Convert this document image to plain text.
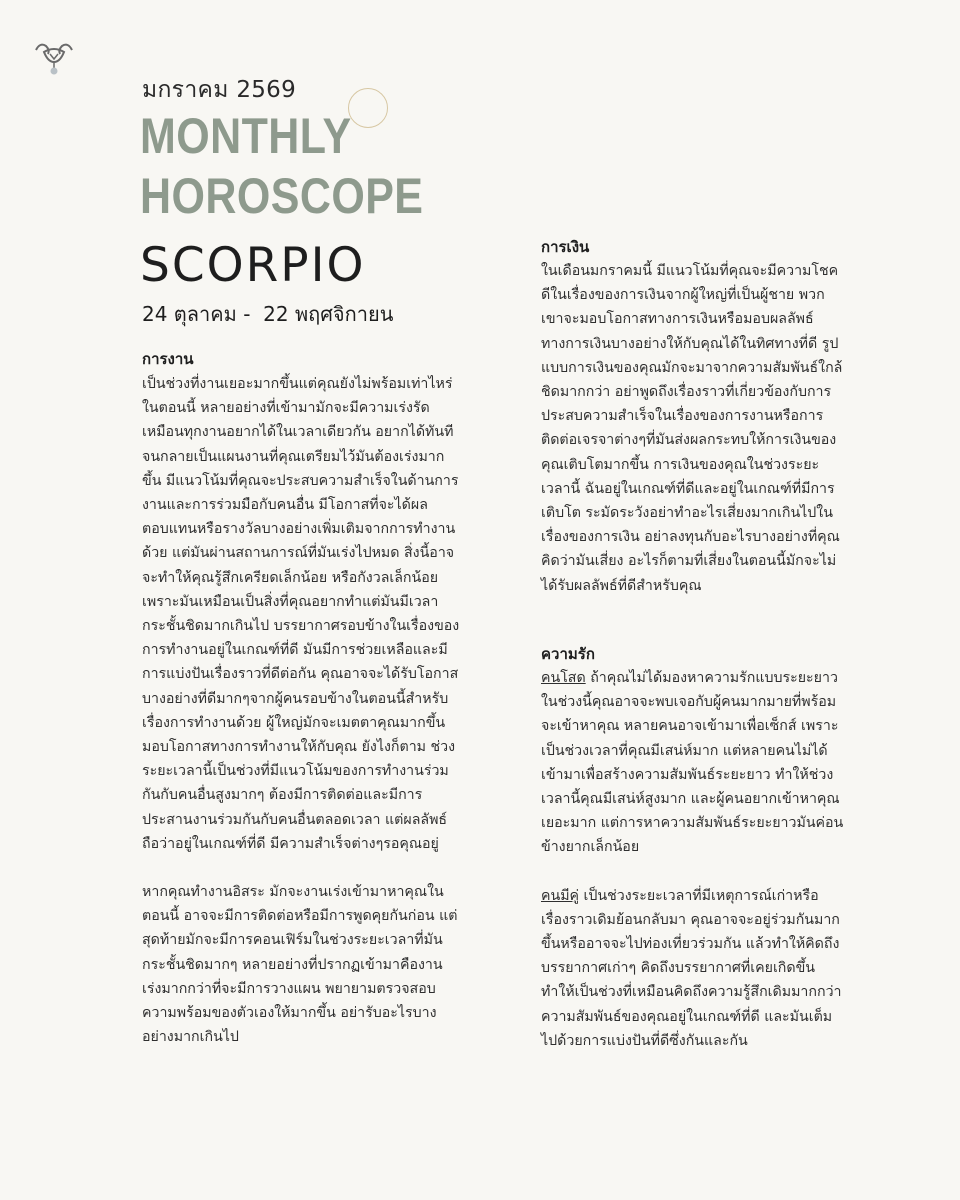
มกราคม 2569
MONTHLY
HOROSCOPE
SCORPIO
24 ตุลาคม -  22 พฤศจิกายน
การงาน

เป็นช่วงที่งานเยอะมากขึ้นแต่คุณยังไม่พร้อมเท่าไหร่ในตอนนี้ หลายอย่างที่เข้ามามักจะมีความเร่งรัดเหมือนทุกงานอยากได้ในเวลาเดียวกัน อยากได้ทันทีจนกลายเป็นแผนงานที่คุณเตรียมไว้มันต้องเร่งมากขึ้น มีแนวโน้มที่คุณจะประสบความสำเร็จในด้านการงานและการร่วมมือกับคนอื่น มีโอกาสที่จะได้ผลตอบแทนหรือรางวัลบางอย่างเพิ่มเติมจากการทำงานด้วย แต่มันผ่านสถานการณ์ที่มันเร่งไปหมด สิ่งนี้อาจจะทำให้คุณรู้สึกเครียดเล็กน้อย หรือกังวลเล็กน้อยเพราะมันเหมือนเป็นสิ่งที่คุณอยากทำแต่มันมีเวลากระชั้นชิดมากเกินไป บรรยากาศรอบข้างในเรื่องของการทำงานอยู่ในเกณฑ์ที่ดี มันมีการช่วยเหลือและมีการแบ่งปันเรื่องราวที่ดีต่อกัน คุณอาจจะได้รับโอกาสบางอย่างที่ดีมากๆจากผู้คนรอบข้างในตอนนี้สำหรับเรื่องการทำงานด้วย ผู้ใหญ่มักจะเมตตาคุณมากขึ้นมอบโอกาสทางการทำงานให้กับคุณ ยังไงก็ตาม ช่วงระยะเวลานี้เป็นช่วงที่มีแนวโน้มของการทำงานร่วมกันกับคนอื่นสูงมากๆ ต้องมีการติดต่อและมีการประสานงานร่วมกันกับคนอื่นตลอดเวลา แต่ผลลัพธ์ถือว่าอยู่ในเกณฑ์ที่ดี มีความสำเร็จต่างๆรอคุณอยู่

หากคุณทำงานอิสระ มักจะงานเร่งเข้ามาหาคุณในตอนนี้ อาจจะมีการติดต่อหรือมีการพูดคุยกันก่อน แต่สุดท้ายมักจะมีการคอนเฟิร์มในช่วงระยะเวลาที่มันกระชั้นชิดมากๆ หลายอย่างที่ปรากฏเข้ามาคืองานเร่งมากกว่าที่จะมีการวางแผน พยายามตรวจสอบความพร้อมของตัวเองให้มากขึ้น อย่ารับอะไรบางอย่างมากเกินไป

การเงิน

ในเดือนมกราคมนี้ มีแนวโน้มที่คุณจะมีความโชคดีในเรื่องของการเงินจากผู้ใหญ่ที่เป็นผู้ชาย พวกเขาจะมอบโอกาสทางการเงินหรือมอบผลลัพธ์ทางการเงินบางอย่างให้กับคุณได้ในทิศทางที่ดี รูปแบบการเงินของคุณมักจะมาจากความสัมพันธ์ใกล้ชิดมากกว่า อย่าพูดถึงเรื่องราวที่เกี่ยวข้องกับการประสบความสำเร็จในเรื่องของการงานหรือการติดต่อเจรจาต่างๆที่มันส่งผลกระทบให้การเงินของคุณเติบโตมากขึ้น การเงินของคุณในช่วงระยะเวลานี้ ฉันอยู่ในเกณฑ์ที่ดีและอยู่ในเกณฑ์ที่มีการเติบโต ระมัดระวังอย่าทำอะไรเสี่ยงมากเกินไปในเรื่องของการเงิน อย่าลงทุนกับอะไรบางอย่างที่คุณคิดว่ามันเสี่ยง อะไรก็ตามที่เสี่ยงในตอนนี้มักจะไม่ได้รับผลลัพธ์ที่ดีสำหรับคุณ

ความรัก

คนโสด ถ้าคุณไม่ได้มองหาความรักแบบระยะยาวในช่วงนี้คุณอาจจะพบเจอกับผู้คนมากมายที่พร้อมจะเข้าหาคุณ หลายคนอาจเข้ามาเพื่อเซ็กส์ เพราะเป็นช่วงเวลาที่คุณมีเสน่ห์มาก แต่หลายคนไม่ได้เข้ามาเพื่อสร้างความสัมพันธ์ระยะยาว ทำให้ช่วงเวลานี้คุณมีเสน่ห์สูงมาก และผู้คนอยากเข้าหาคุณเยอะมาก แต่การหาความสัมพันธ์ระยะยาวมันค่อนข้างยากเล็กน้อย

คนมีคู่ เป็นช่วงระยะเวลาที่มีเหตุการณ์เก่าหรือเรื่องราวเดิมย้อนกลับมา คุณอาจจะอยู่ร่วมกันมากขึ้นหรืออาจจะไปท่องเที่ยวร่วมกัน แล้วทำให้คิดถึงบรรยากาศเก่าๆ คิดถึงบรรยากาศที่เคยเกิดขึ้น ทำให้เป็นช่วงที่เหมือนคิดถึงความรู้สึกเดิมมากกว่า ความสัมพันธ์ของคุณอยู่ในเกณฑ์ที่ดี และมันเต็มไปด้วยการแบ่งปันที่ดีซึ่งกันและกัน
